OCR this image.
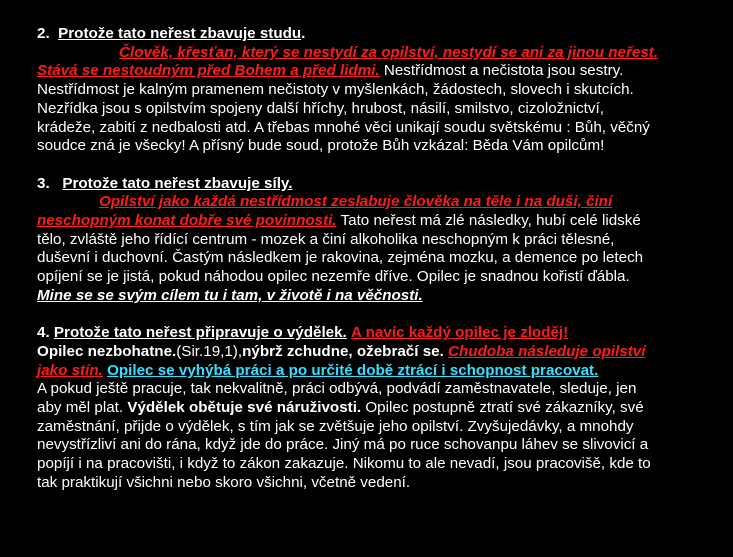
2. Protože tato neřest zbavuje studu.
Člověk, křesťan, který se nestydí za opilství, nestydí se ani za jinou neřest.
Stává se nestoudným před Bohem a před lidmi. Nestřídmost a nečistota jsou sestry.
Nestřídmost je kalným pramenem nečistoty v myšlenkách, žádostech, slovech i skutcích.
Nezřídka jsou s opilstvím spojeny další hříchy, hrubost, násilí, smilstvo, cizoložnictví,
krádeže, zabití z nedbalosti atd. A třebas mnohé věci unikají soudu světskému : Bůh, věčný
soudce zná je všecky! A přísný bude soud, protože Bůh vzkázal: Běda Vám opilcům!
3. Protože tato neřest zbavuje síly.
Opilství jako každá nestřídmost zeslabuje člověka na těle i na duši, činí
neschopným konat dobře své povinnosti. Tato neřest má zlé následky, hubí celé lidské
tělo, zvláště jeho řídící centrum - mozek a činí alkoholika neschopným k práci tělesné,
duševní i duchovní. Častým následkem je rakovina, zejména mozku, a demence po letech
opíjení se je jistá, pokud náhodou opilec nezemře dříve. Opilec je snadnou kořistí ďábla.
Mine se se svým cílem tu i tam, v životě i na věčnosti.
4. Protože tato neřest připravuje o výdělek. A navíc každý opilec je zloděj!
Opilec nezbohatne.(Sir.19,1),nýbrž zchudne, ožebračí se. Chudoba následuje opilství
jako stín. Opilec se vyhýbá práci a po určité době ztrácí i schopnost pracovat.
A pokud ještě pracuje, tak nekvalitně, práci odbývá, podvádí zaměstnavatele, sleduje, jen
aby měl plat. Výdělek obětuje své náruživosti. Opilec postupně ztratí své zákazníky, své
zaměstnání, přijde o výdělek, s tím jak se zvětšuje jeho opilství. Zvyšujedávky, a mnohdy
nevystřízliví ani do rána, když jde do práce. Jiný má po ruce schovanpu láhev se slivovicí a
popíjí i na pracovišti, i když to zákon zakazuje. Nikomu to ale nevadí, jsou pracovišě, kde to
tak praktikují všichni nebo skoro všichni, včetně vedení.
